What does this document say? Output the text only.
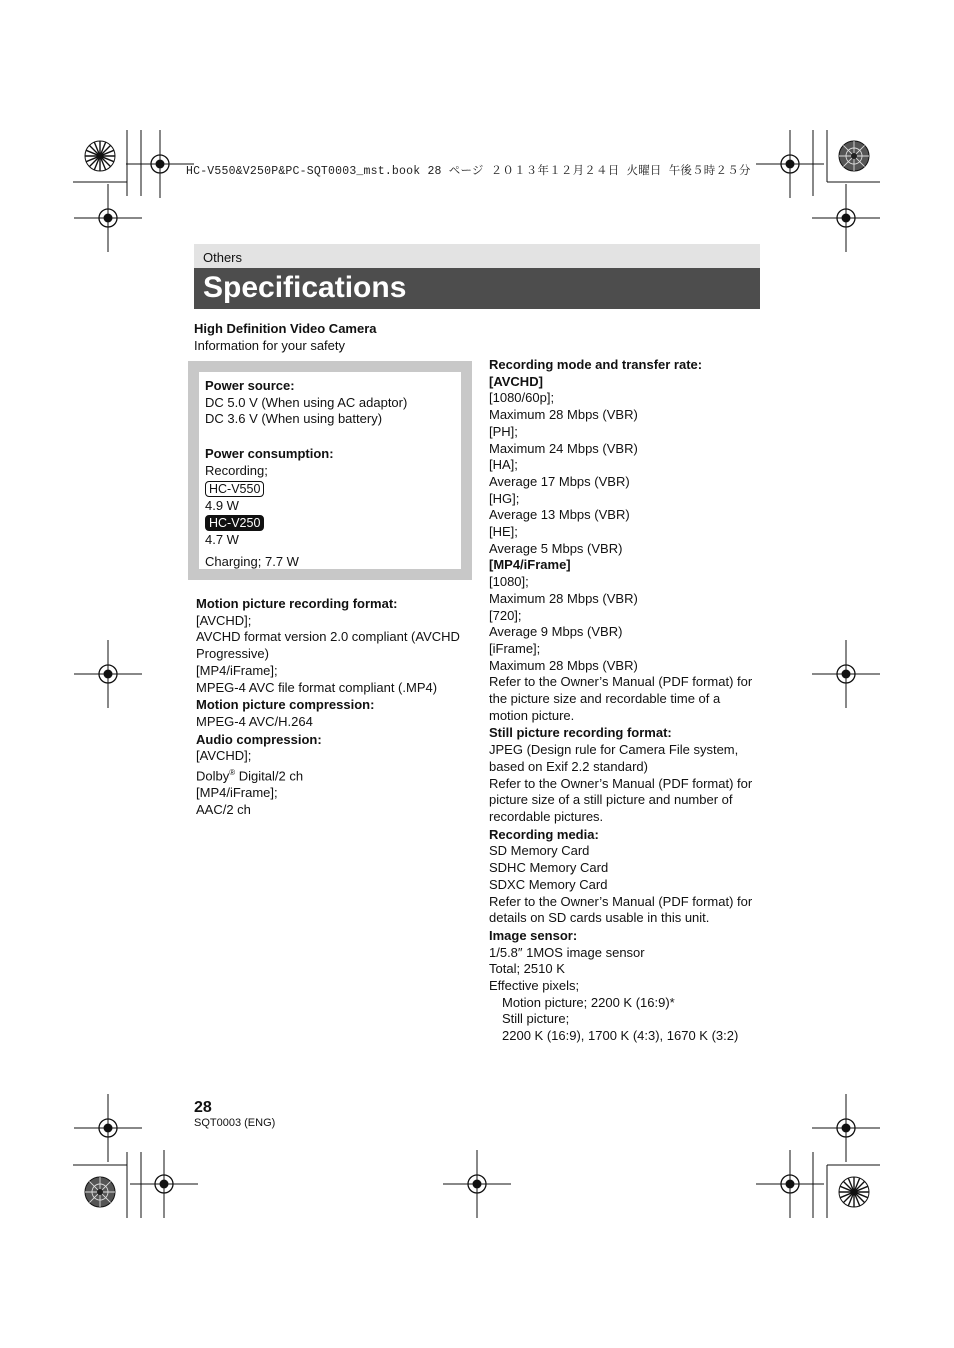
HC-V550&V250P&PC-SQT0003_mst.book 28 ページ ２０１３年１２月２４日 火曜日 午後５時２５分
Others
Specifications
High Definition Video Camera
Information for your safety
Power source:
DC 5.0 V (When using AC adaptor)
DC 3.6 V (When using battery)
Power consumption:
Recording;
HC-V550
4.9 W
HC-V250
4.7 W
Charging; 7.7 W
Motion picture recording format:
[AVCHD];
AVCHD format version 2.0 compliant (AVCHD
Progressive)
[MP4/iFrame];
MPEG-4 AVC file format compliant (.MP4)
Motion picture compression:
MPEG-4 AVC/H.264
Audio compression:
[AVCHD];
Dolby® Digital/2 ch
[MP4/iFrame];
AAC/2 ch
Recording mode and transfer rate:
[AVCHD]
[1080/60p];
Maximum 28 Mbps (VBR)
[PH];
Maximum 24 Mbps (VBR)
[HA];
Average 17 Mbps (VBR)
[HG];
Average 13 Mbps (VBR)
[HE];
Average 5 Mbps (VBR)
[MP4/iFrame]
[1080];
Maximum 28 Mbps (VBR)
[720];
Average 9 Mbps (VBR)
[iFrame];
Maximum 28 Mbps (VBR)
Refer to the Owner’s Manual (PDF format) for
the picture size and recordable time of a
motion picture.
Still picture recording format:
JPEG (Design rule for Camera File system,
based on Exif 2.2 standard)
Refer to the Owner’s Manual (PDF format) for
picture size of a still picture and number of
recordable pictures.
Recording media:
SD Memory Card
SDHC Memory Card
SDXC Memory Card
Refer to the Owner’s Manual (PDF format) for
details on SD cards usable in this unit.
Image sensor:
1/5.8″ 1MOS image sensor
Total; 2510 K
Effective pixels;
Motion picture; 2200 K (16:9)*
Still picture;
2200 K (16:9), 1700 K (4:3), 1670 K (3:2)
28
SQT0003 (ENG)
